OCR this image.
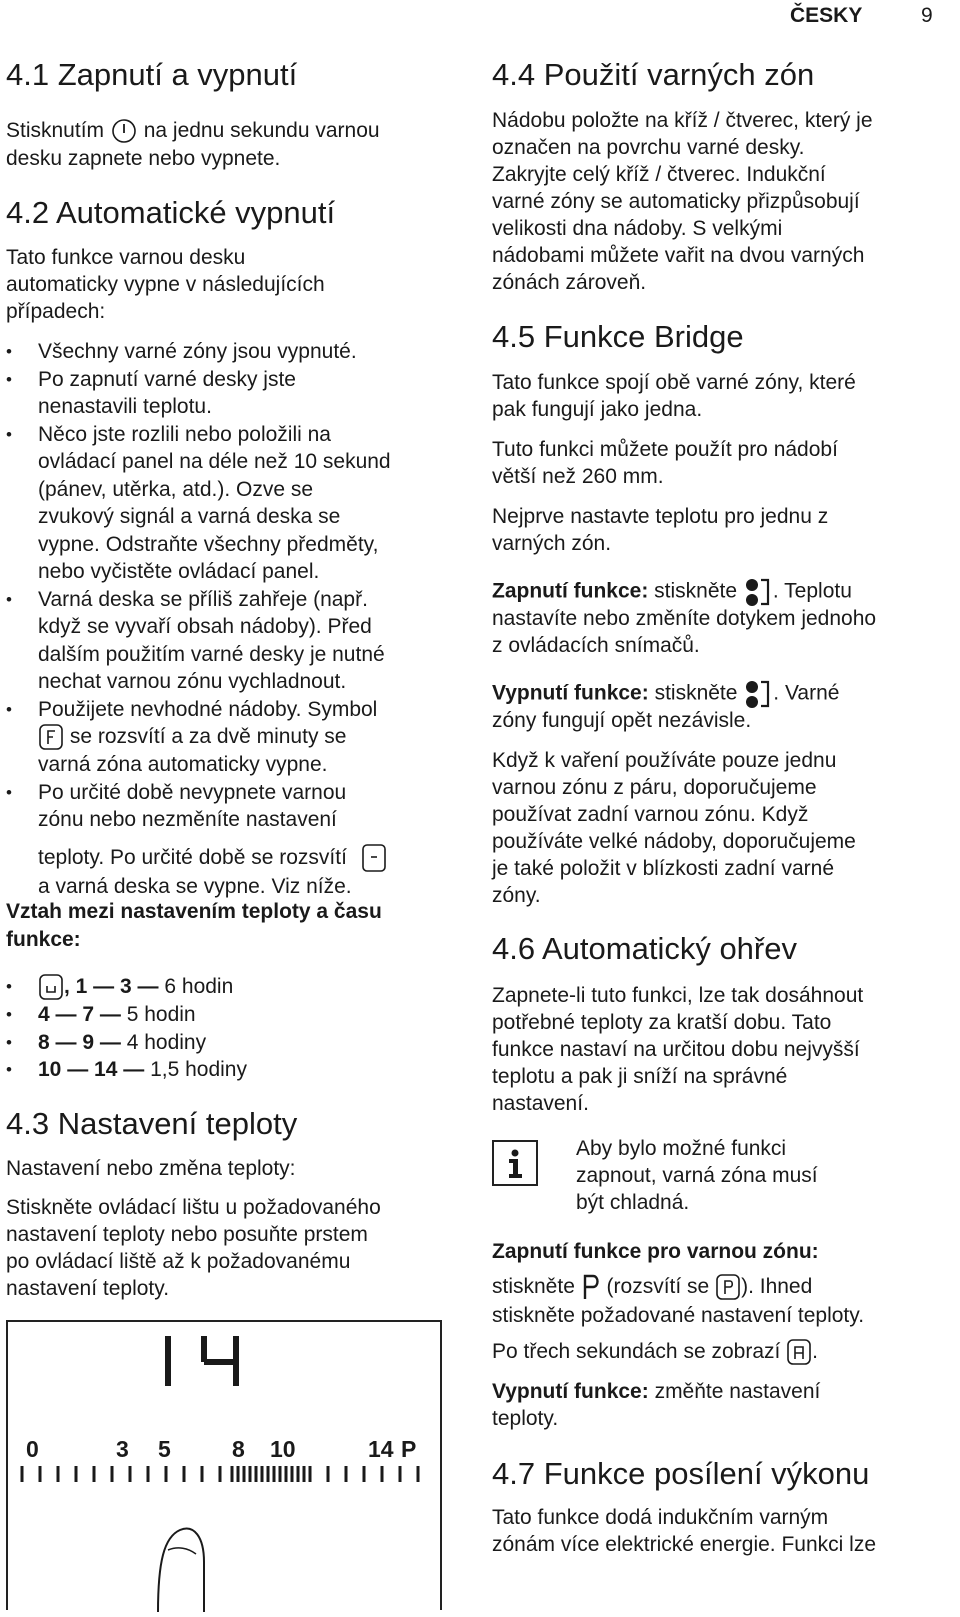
ČESKY	9
4.1 Zapnutí a vypnutí

Stisknutím na jednu sekundu varnou

desku zapnete nebo vypnete.

4.2 Automatické vypnutí

Tato funkce varnou desku

automaticky vypne v následujících

případech:

• Všechny varné zóny jsou vypnuté.
• Po zapnutí varné desky jste
nenastavili teplotu.
• Něco jste rozlili nebo položili na
ovládací panel na déle než 10 sekund
(pánev, utěrka, atd.). Ozve se
zvukový signál a varná deska se
vypne. Odstraňte všechny předměty,
nebo vyčistěte ovládací panel.
• Varná deska se příliš zahřeje (např.
když se vyvaří obsah nádoby). Před
dalším použitím varné desky je nutné
nechat varnou zónu vychladnout.
• Použijete nevhodné nádoby. Symbol
se rozsvítí a za dvě minuty se
varná zóna automaticky vypne.
• Po určité době nevypnete varnou
zónu nebo nezměníte nastavení
teploty. Po určité době se rozsvítí
a varná deska se vypne. Viz níže.

Vztah mezi nastavením teploty a času

funkce:

• , 1 — 3 — 6 hodin
• 4 — 7 — 5 hodin
• 8 — 9 — 4 hodiny
• 10 — 14 — 1,5 hodiny
4.3 Nastavení teploty

Nastavení nebo změna teploty:

Stiskněte ovládací lištu u požadovaného

nastavení teploty nebo posuňte prstem

po ovládací liště až k požadovanému

nastavení teploty.

0	3 5	8 10	14 P
4.4 Použití varných zón

Nádobu položte na kříž / čtverec, který je

označen na povrchu varné desky.

Zakryjte celý kříž / čtverec. Indukční

varné zóny se automaticky přizpůsobují

velikosti dna nádoby. S velkými

nádobami můžete vařit na dvou varných

zónách zároveň.

4.5 Funkce Bridge

Tato funkce spojí obě varné zóny, které

pak fungují jako jedna.

Tuto funkci můžete použít pro nádobí

větší než 260 mm.

Nejprve nastavte teplotu pro jednu z

varných zón.

Zapnutí funkce: stiskněte . Teplotu

nastavíte nebo změníte dotykem jednoho

z ovládacích snímačů.

Vypnutí funkce: stiskněte . Varné

zóny fungují opět nezávisle.

Když k vaření používáte pouze jednu

varnou zónu z páru, doporučujeme

používat zadní varnou zónu. Když

používáte velké nádoby, doporučujeme

je také položit v blízkosti zadní varné

zóny.

4.6 Automatický ohřev

Zapnete-li tuto funkci, lze tak dosáhnout

potřebné teploty za kratší dobu. Tato

funkce nastaví na určitou dobu nejvyšší

teplotu a pak ji sníží na správné

nastavení.

Aby bylo možné funkci

zapnout, varná zóna musí

být chladná.

Zapnutí funkce pro varnou zónu:

stiskněte  (rozsvítí se ). Ihned

stiskněte požadované nastavení teploty.

Po třech sekundách se zobrazí .

Vypnutí funkce: změňte nastavení

teploty.

4.7 Funkce posílení výkonu

Tato funkce dodá indukčním varným

zónám více elektrické energie. Funkci lze
